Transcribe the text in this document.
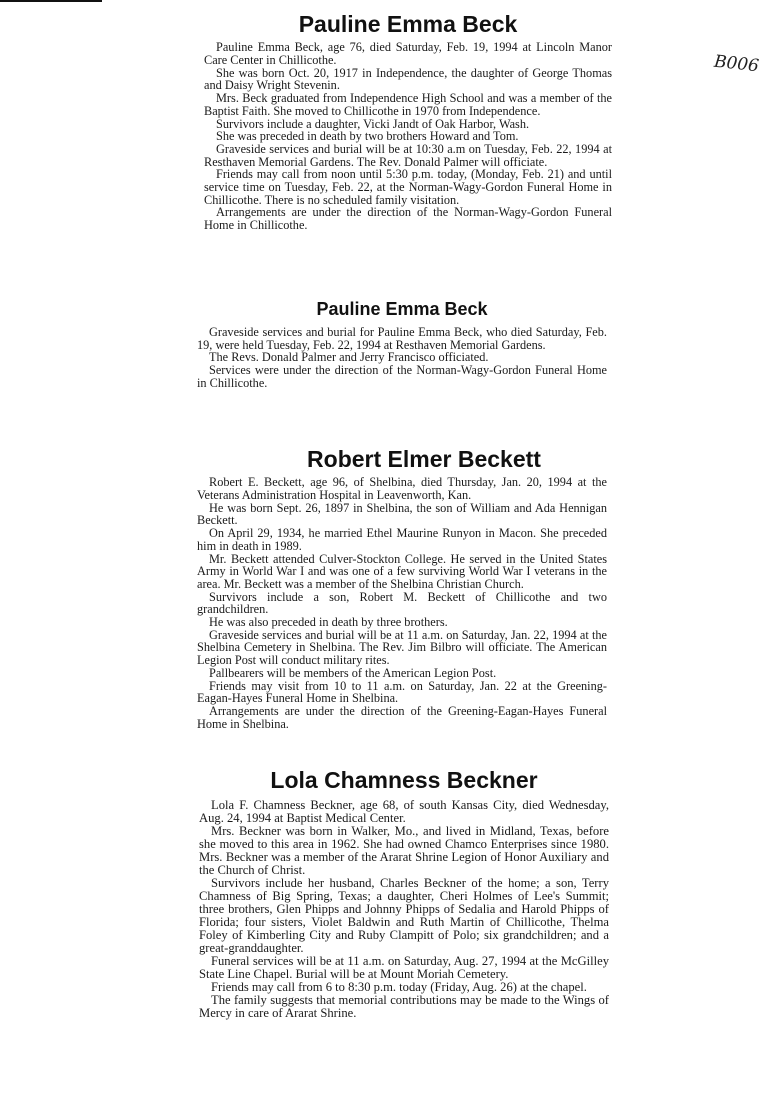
B006
Pauline Emma Beck

Pauline Emma Beck, age 76, died Saturday, Feb. 19, 1994 at Lincoln Manor Care Center in Chillicothe.

She was born Oct. 20, 1917 in Independence, the daughter of George Thomas and Daisy Wright Stevenin.

Mrs. Beck graduated from Independence High School and was a member of the Baptist Faith. She moved to Chillicothe in 1970 from Independence.

Survivors include a daughter, Vicki Jandt of Oak Harbor, Wash.

She was preceded in death by two brothers Howard and Tom.

Graveside services and burial will be at 10:30 a.m on Tuesday, Feb. 22, 1994 at Resthaven Memorial Gardens. The Rev. Donald Palmer will officiate.

Friends may call from noon until 5:30 p.m. today, (Monday, Feb. 21) and until service time on Tuesday, Feb. 22, at the Norman-Wagy-Gordon Funeral Home in Chillicothe. There is no scheduled family visitation.

Arrangements are under the direction of the Norman-Wagy-Gordon Funeral Home in Chillicothe.

Pauline Emma Beck

Graveside services and burial for Pauline Emma Beck, who died Saturday, Feb. 19, were held Tuesday, Feb. 22, 1994 at Resthaven Memorial Gardens.

The Revs. Donald Palmer and Jerry Francisco officiated.

Services were under the direction of the Norman-Wagy-Gordon Funeral Home in Chillicothe.

Robert Elmer Beckett

Robert E. Beckett, age 96, of Shelbina, died Thursday, Jan. 20, 1994 at the Veterans Administration Hospital in Leavenworth, Kan.

He was born Sept. 26, 1897 in Shelbina, the son of William and Ada Hennigan Beckett.

On April 29, 1934, he married Ethel Maurine Runyon in Macon. She preceded him in death in 1989.

Mr. Beckett attended Culver-Stockton College. He served in the United States Army in World War I and was one of a few surviving World War I veterans in the area. Mr. Beckett was a member of the Shelbina Christian Church.

Survivors include a son, Robert M. Beckett of Chillicothe and two grandchildren.

He was also preceded in death by three brothers.

Graveside services and burial will be at 11 a.m. on Saturday, Jan. 22, 1994 at the Shelbina Cemetery in Shelbina. The Rev. Jim Bilbro will officiate. The American Legion Post will conduct military rites.

Pallbearers will be members of the American Legion Post.

Friends may visit from 10 to 11 a.m. on Saturday, Jan. 22 at the Greening-Eagan-Hayes Funeral Home in Shelbina.

Arrangements are under the direction of the Greening-Eagan-Hayes Funeral Home in Shelbina.

Lola Chamness Beckner

Lola F. Chamness Beckner, age 68, of south Kansas City, died Wednesday, Aug. 24, 1994 at Baptist Medical Center.

Mrs. Beckner was born in Walker, Mo., and lived in Midland, Texas, before she moved to this area in 1962. She had owned Chamco Enterprises since 1980. Mrs. Beckner was a member of the Ararat Shrine Legion of Honor Auxiliary and the Church of Christ.

Survivors include her husband, Charles Beckner of the home; a son, Terry Chamness of Big Spring, Texas; a daughter, Cheri Holmes of Lee's Summit; three brothers, Glen Phipps and Johnny Phipps of Sedalia and Harold Phipps of Florida; four sisters, Violet Baldwin and Ruth Martin of Chillicothe, Thelma Foley of Kimberling City and Ruby Clampitt of Polo; six grandchildren; and a great-granddaughter.

Funeral services will be at 11 a.m. on Saturday, Aug. 27, 1994 at the McGilley State Line Chapel. Burial will be at Mount Moriah Cemetery.

Friends may call from 6 to 8:30 p.m. today (Friday, Aug. 26) at the chapel.

The family suggests that memorial contributions may be made to the Wings of Mercy in care of Ararat Shrine.
